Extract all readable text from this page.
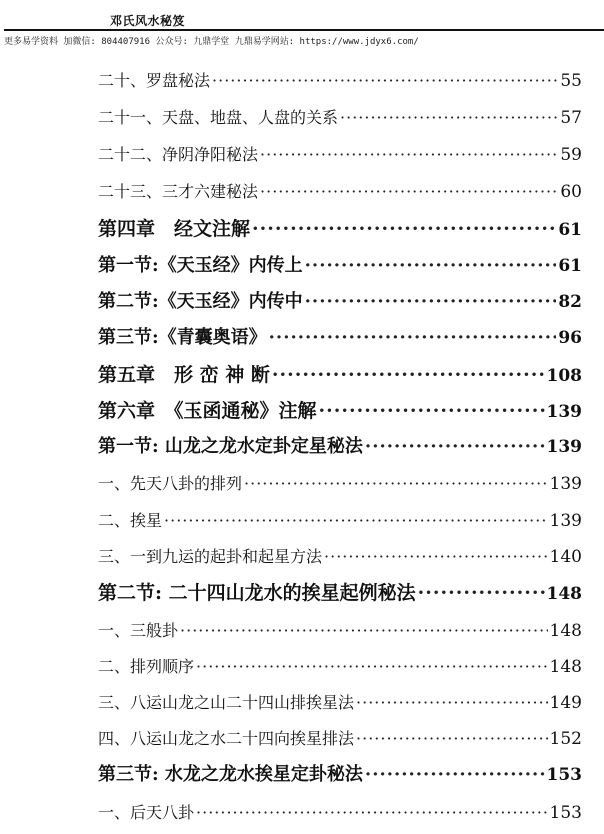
邓氏风水秘笈
更多易学资料 加微信: 804407916 公众号: 九鼎学堂 九鼎易学网站: https://www.jdyx6.com/
二十、罗盘秘法 ·····	55
二十一、天盘、地盘、人盘的关系 ·····	57
二十二、净阴净阳秘法 ·····	59
二十三、三才六建秘法 ·····	60
第四章　经文注解 ·····	61
第一节:《天玉经》内传上 ·····	61
第二节:《天玉经》内传中 ·····	82
第三节:《青囊奥语》 ·····	96
第五章　形 峦 神 断 ·····	108
第六章　《玉函通秘》注解 ·····	139
第一节: 山龙之龙水定卦定星秘法 ·····	139
一、先天八卦的排列 ·····	139
二、挨星 ·····	139
三、一到九运的起卦和起星方法 ·····	140
第二节: 二十四山龙水的挨星起例秘法 ·····	148
一、三般卦 ·····	148
二、排列顺序 ·····	148
三、八运山龙之山二十四山排挨星法 ·····	149
四、八运山龙之水二十四向挨星排法 ·····	152
第三节: 水龙之龙水挨星定卦秘法 ·····	153
一、后天八卦 ·····	153
